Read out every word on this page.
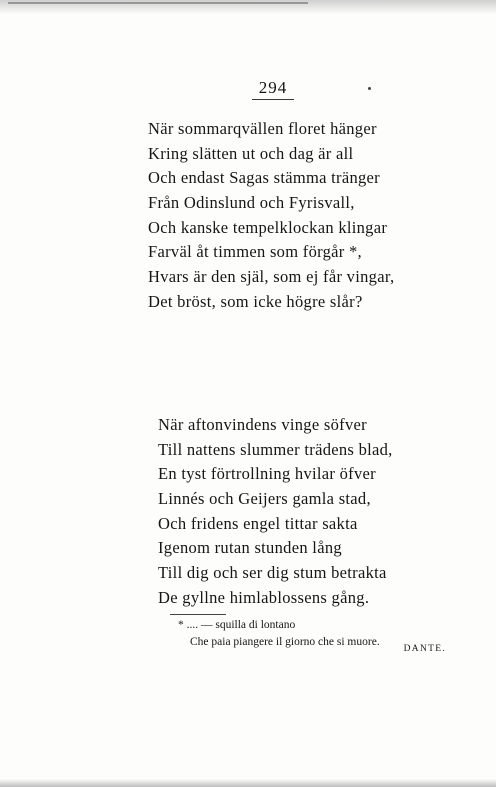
294
När sommarqvällen floret hänger
Kring slätten ut och dag är all
Och endast Sagas stämma tränger
Från Odinslund och Fyrisvall,
Och kanske tempelklockan klingar
Farväl åt timmen som förgår *,
Hvars är den själ, som ej får vingar,
Det bröst, som icke högre slår?
När aftonvindens vinge söfver
Till nattens slummer trädens blad,
En tyst förtrollning hvilar öfver
Linnés och Geijers gamla stad,
Och fridens engel tittar sakta
Igenom rutan stunden lång
Till dig och ser dig stum betrakta
De gyllne himlablossens gång.
* .... — squilla di lontano
Che paia piangere il giorno che si muore.
DANTE.
